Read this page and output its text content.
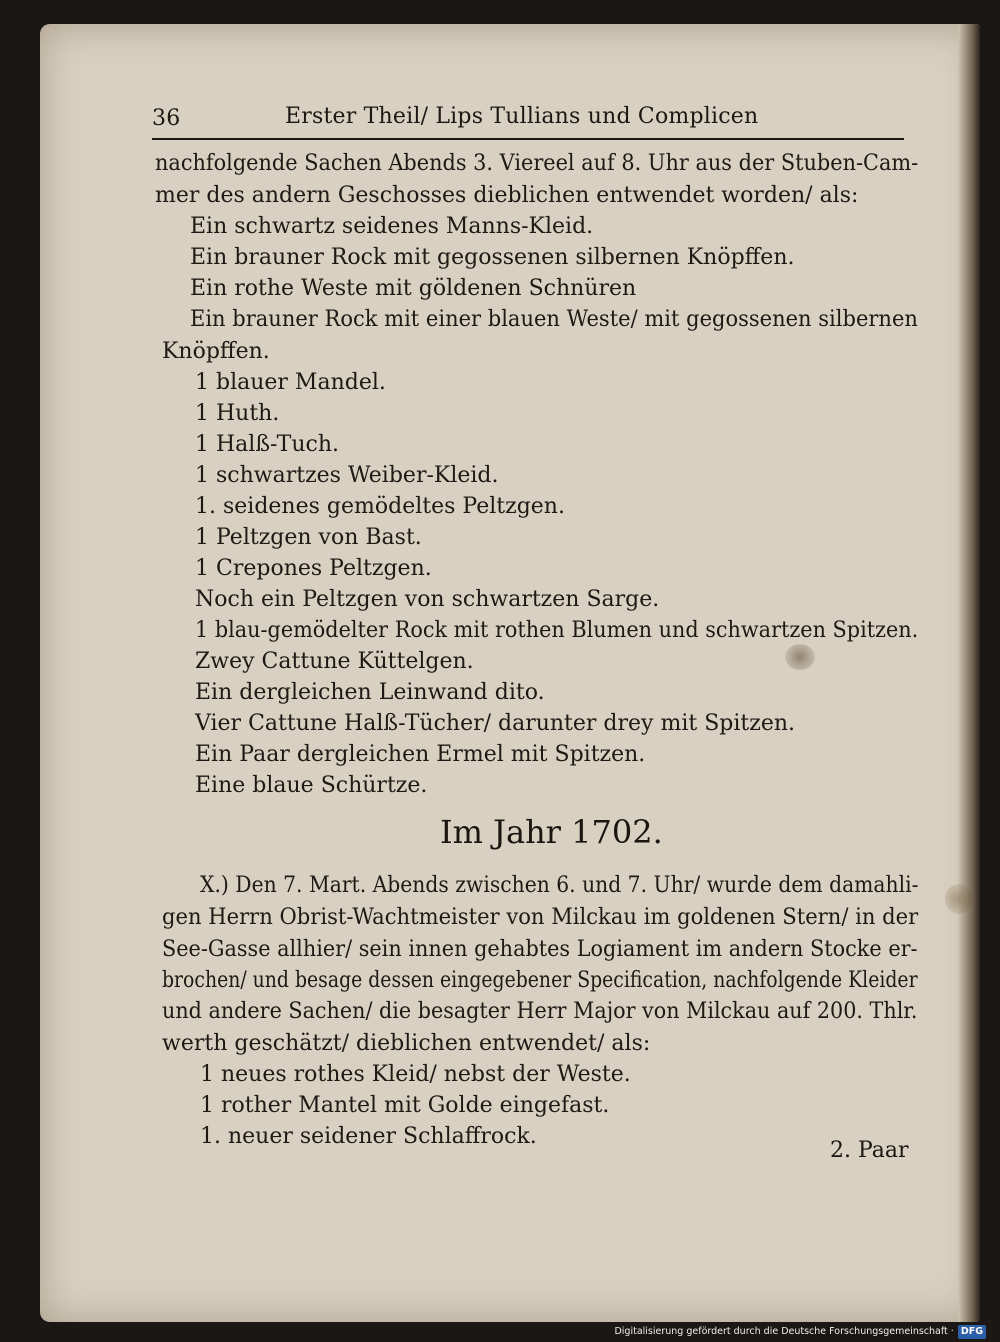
36	Erster Theil/ Lips Tullians und Complicen
nachfolgende Sachen Abends 3. Viereel auf 8. Uhr aus der Stuben-Cam-
mer des andern Geschosses dieblichen entwendet worden/ als:
Ein schwartz seidenes Manns-Kleid.
Ein brauner Rock mit gegossenen silbernen Knöpffen.
Ein rothe Weste mit göldenen Schnüren
Ein brauner Rock mit einer blauen Weste/ mit gegossenen silbernen
Knöpffen.
1 blauer Mandel.
1 Huth.
1 Halß-Tuch.
1 schwartzes Weiber-Kleid.
1. seidenes gemödeltes Peltzgen.
1 Peltzgen von Bast.
1 Crepones Peltzgen.
Noch ein Peltzgen von schwartzen Sarge.
1 blau-gemödelter Rock mit rothen Blumen und schwartzen Spitzen.
Zwey Cattune Küttelgen.
Ein dergleichen Leinwand dito.
Vier Cattune Halß-Tücher/ darunter drey mit Spitzen.
Ein Paar dergleichen Ermel mit Spitzen.
Eine blaue Schürtze.
Im Jahr 1702.
X.) Den 7. Mart. Abends zwischen 6. und 7. Uhr/ wurde dem damahli-
gen Herrn Obrist-Wachtmeister von Milckau im goldenen Stern/ in der
See-Gasse allhier/ sein innen gehabtes Logiament im andern Stocke er-
brochen/ und besage dessen eingegebener Specification, nachfolgende Kleider
und andere Sachen/ die besagter Herr Major von Milckau auf 200. Thlr.
werth geschätzt/ dieblichen entwendet/ als:
1 neues rothes Kleid/ nebst der Weste.
1 rother Mantel mit Golde eingefast.
1. neuer seidener Schlaffrock.
2. Paar
Digitalisierung gefördert durch die Deutsche Forschungsgemeinschaft · DFG
